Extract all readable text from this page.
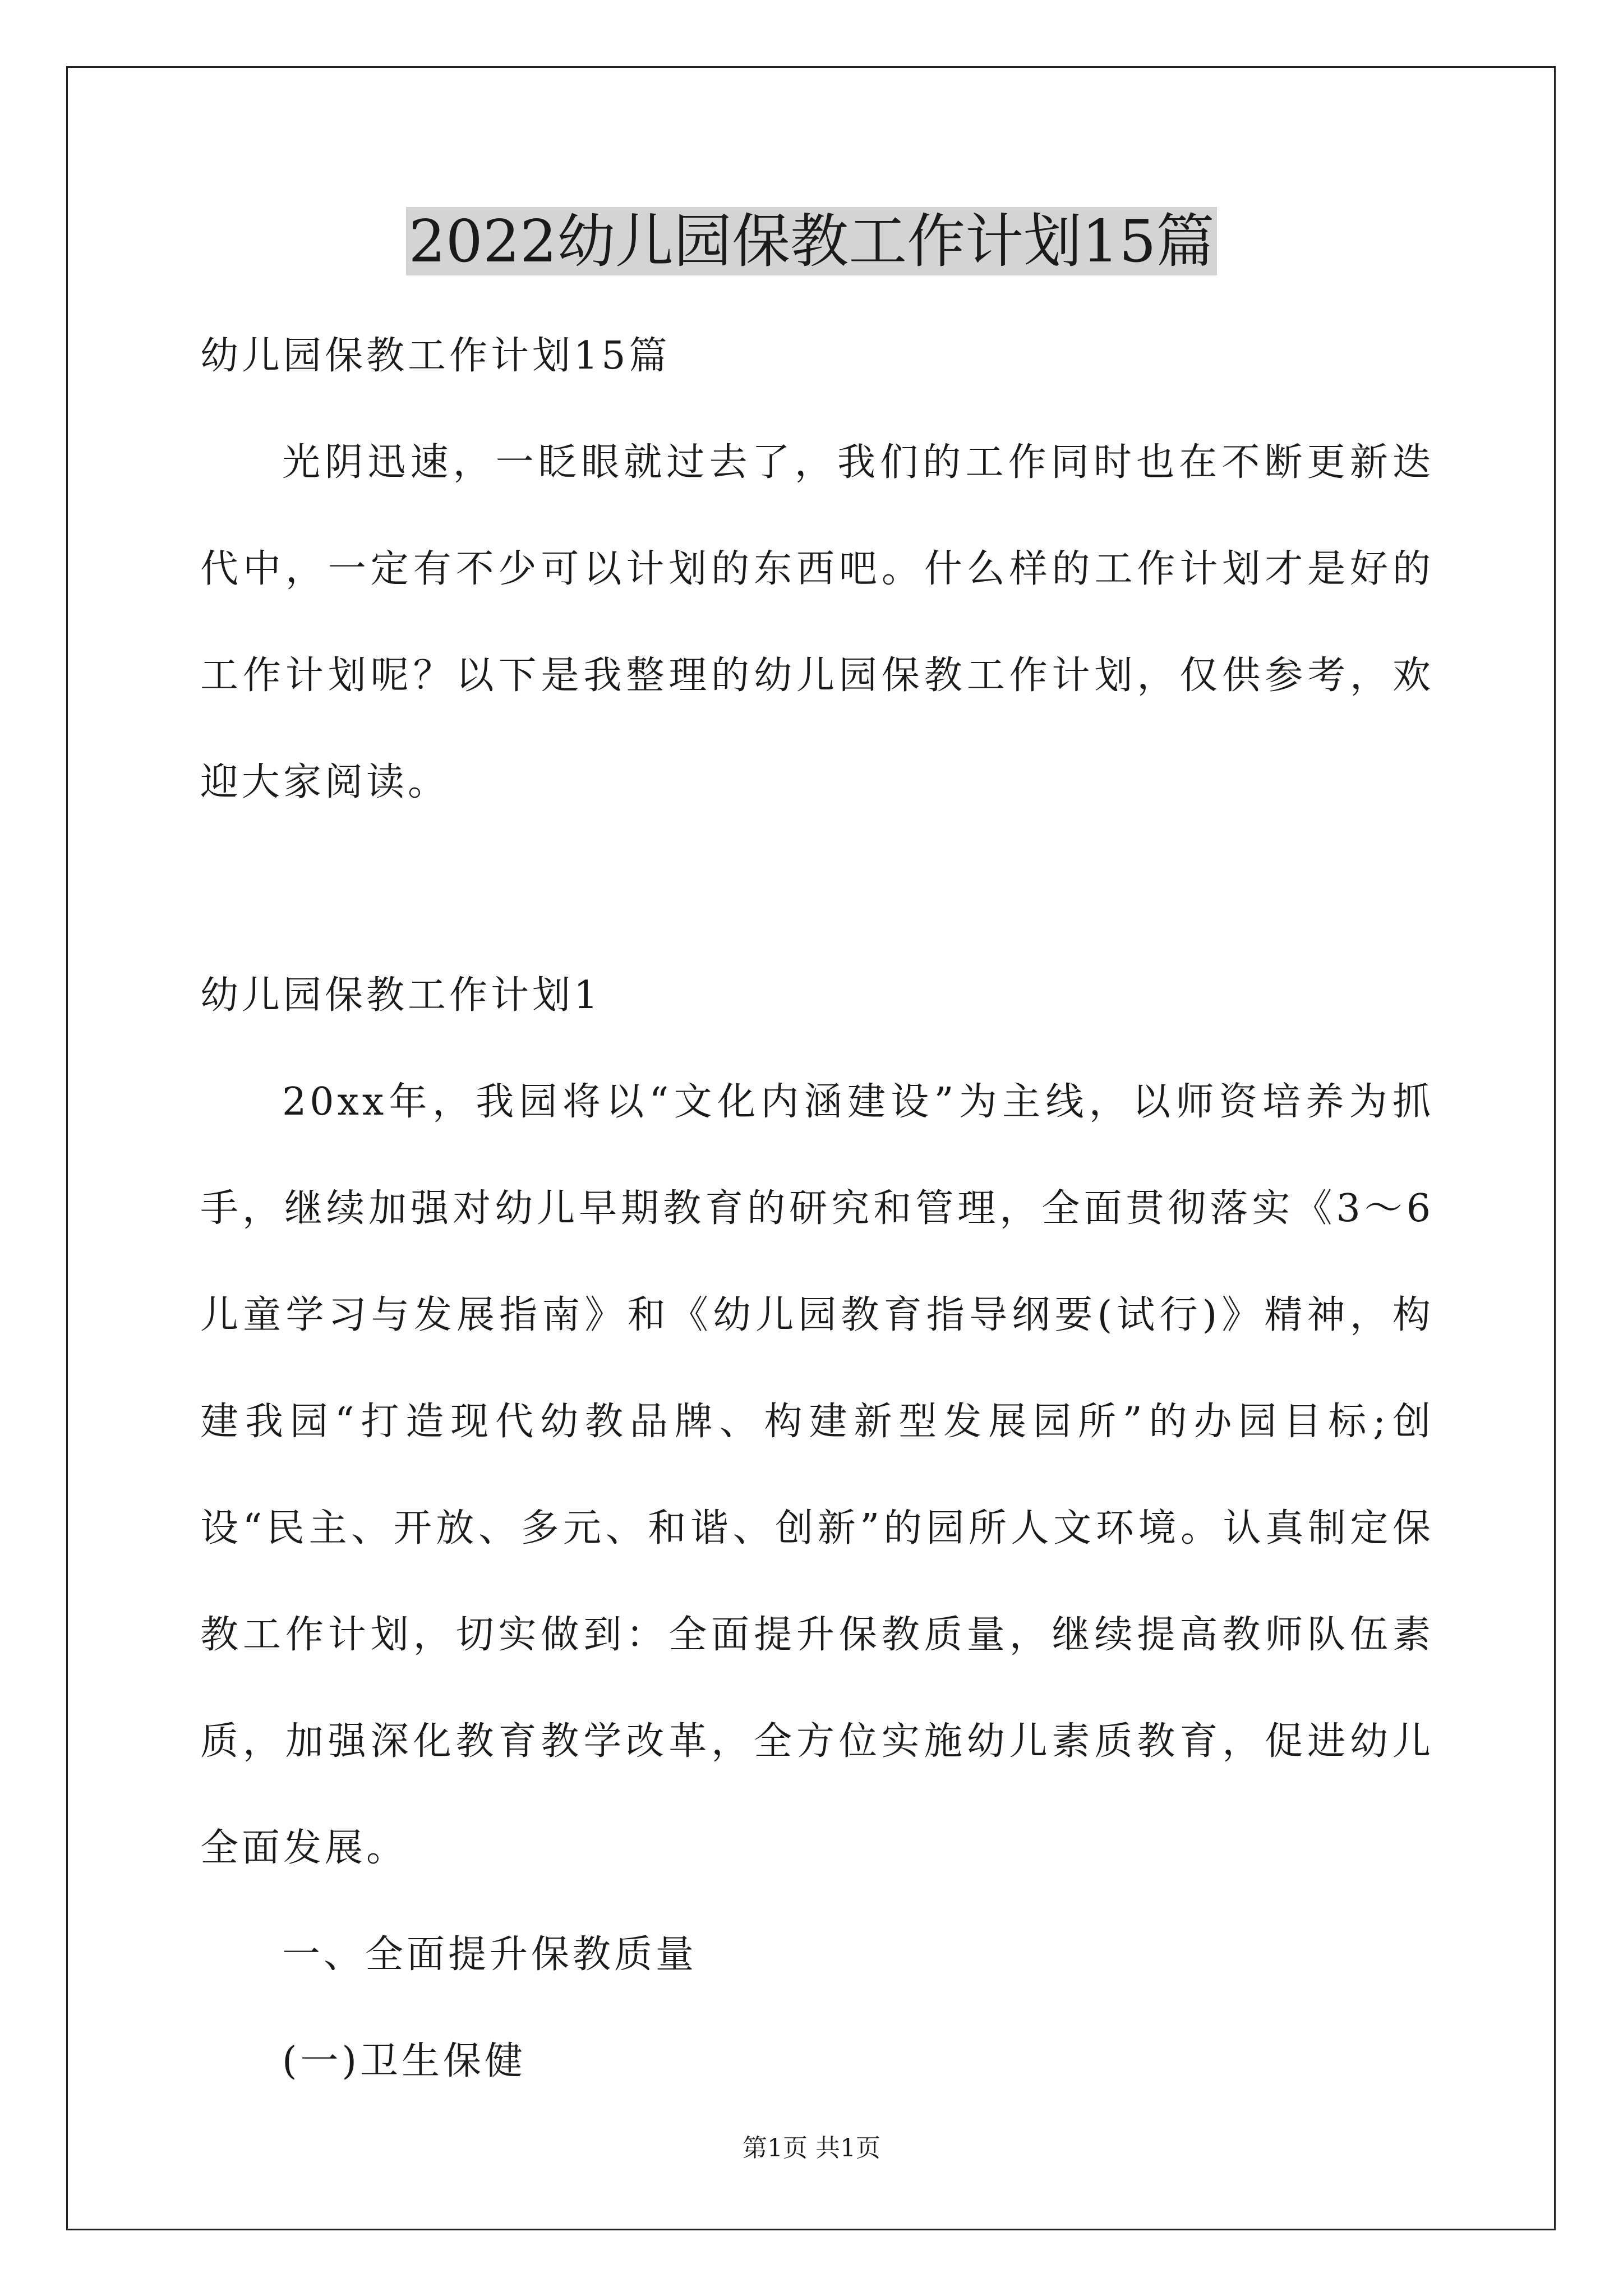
2022幼儿园保教工作计划15篇

幼儿园保教工作计划15篇

光阴迅速，一眨眼就过去了，我们的工作同时也在不断更新迭代中，一定有不少可以计划的东西吧。什么样的工作计划才是好的工作计划呢？以下是我整理的幼儿园保教工作计划，仅供参考，欢迎大家阅读。

幼儿园保教工作计划1

20xx年，我园将以“文化内涵建设”为主线，以师资培养为抓手，继续加强对幼儿早期教育的研究和管理，全面贯彻落实《3～6儿童学习与发展指南》和《幼儿园教育指导纲要(试行)》精神，构建我园“打造现代幼教品牌、构建新型发展园所”的办园目标;创设“民主、开放、多元、和谐、创新”的园所人文环境。认真制定保教工作计划，切实做到：全面提升保教质量，继续提高教师队伍素质，加强深化教育教学改革，全方位实施幼儿素质教育，促进幼儿全面发展。

一、全面提升保教质量

(一)卫生保健

第1页 共1页
